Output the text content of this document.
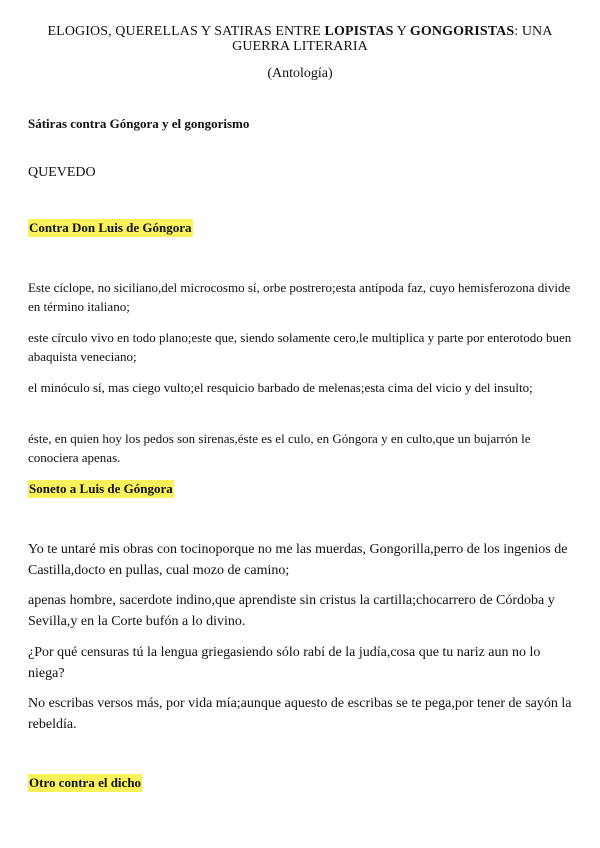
ELOGIOS, QUERELLAS Y SATIRAS ENTRE LOPISTAS Y GONGORISTAS: UNA GUERRA LITERARIA
(Antología)
Sátiras contra Góngora y el gongorismo
QUEVEDO
Contra Don Luis de Góngora
Este cíclope, no siciliano,del microcosmo sí, orbe postrero;esta antípoda faz, cuyo hemisferozona divide en término italiano;
este círculo vivo en todo plano;este que, siendo solamente cero,le multiplica y parte por enterotodo buen abaquista veneciano;
el minóculo sí, mas ciego vulto;el resquicio barbado de melenas;esta cima del vicio y del insulto;
éste, en quien hoy los pedos son sirenas,éste es el culo, en Góngora y en culto,que un bujarrón le conociera apenas.
Soneto a Luis de Góngora
Yo te untaré mis obras con tocinoporque no me las muerdas, Gongorilla,perro de los ingenios de Castilla,docto en pullas, cual mozo de camino;
apenas hombre, sacerdote indino,que aprendiste sin cristus la cartilla;chocarrero de Córdoba y Sevilla,y en la Corte bufón a lo divino.
¿Por qué censuras tú la lengua griegasiendo sólo rabí de la judía,cosa que tu nariz aun no lo niega?
No escribas versos más, por vida mía;aunque aquesto de escribas se te pega,por tener de sayón la rebeldía.
Otro contra el dicho
